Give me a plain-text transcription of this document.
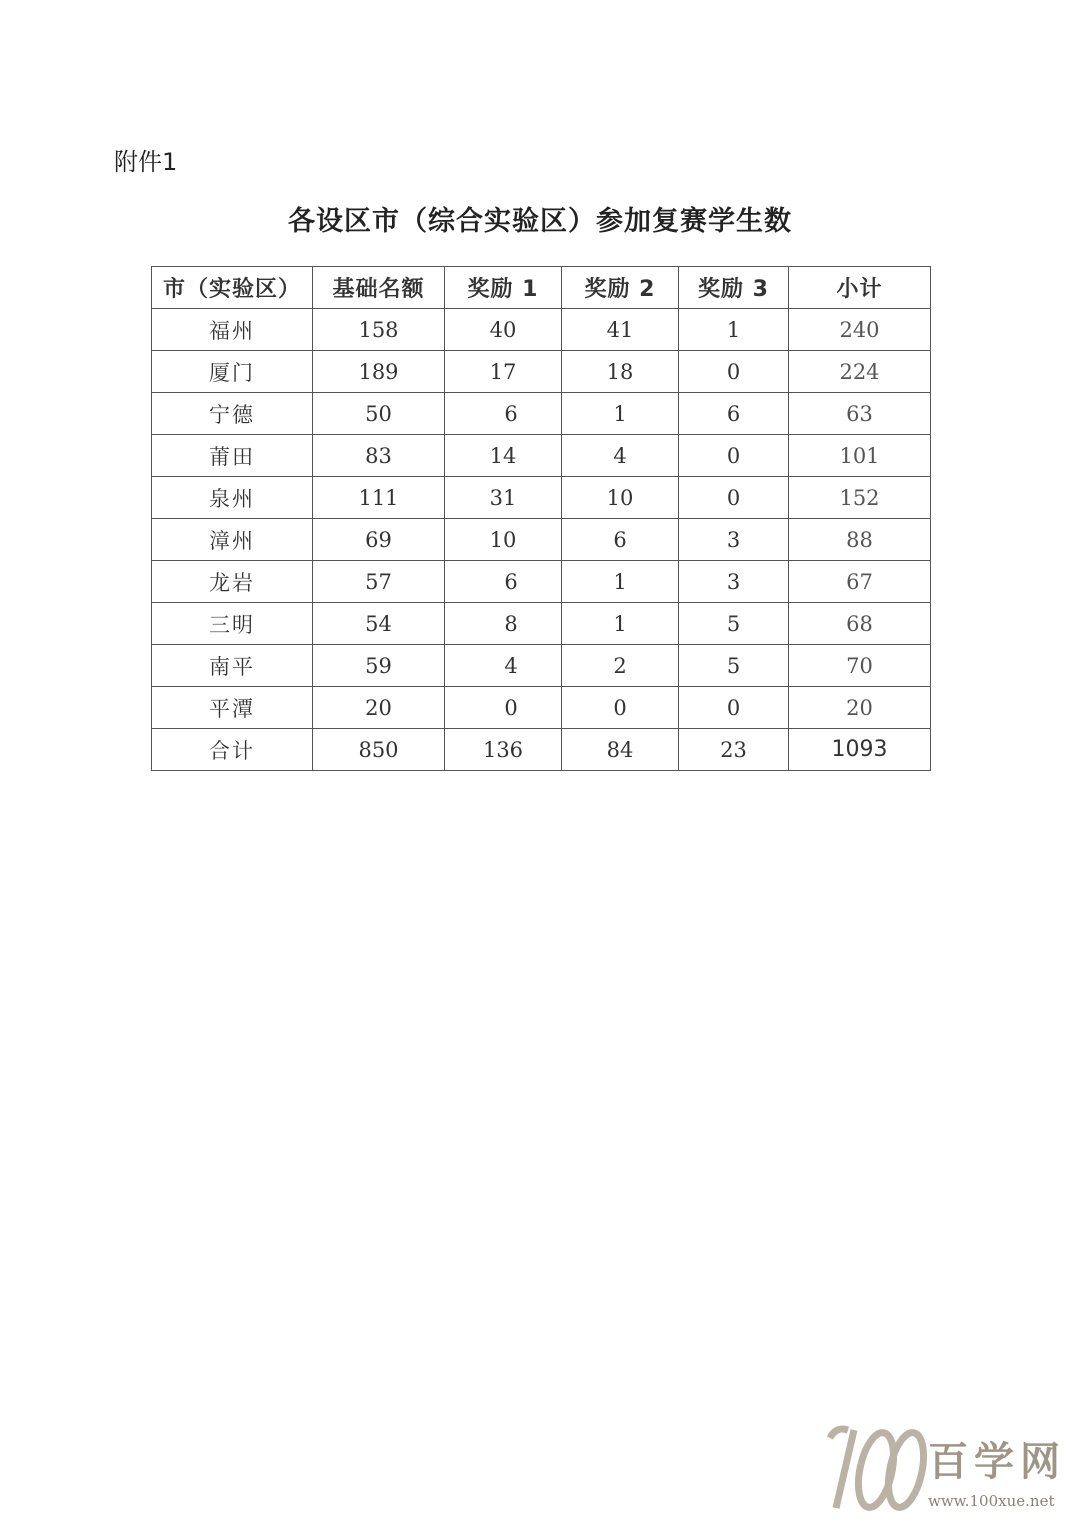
附件1
各设区市（综合实验区）参加复赛学生数
市（实验区）	基础名额	奖励 1	奖励 2	奖励 3	小计
福州	158	40	41	1	240
厦门	189	17	18	0	224
宁德	50	6	1	6	63
莆田	83	14	4	0	101
泉州	111	31	10	0	152
漳州	69	10	6	3	88
龙岩	57	6	1	3	67
三明	54	8	1	5	68
南平	59	4	2	5	70
平潭	20	0	0	0	20
合计	850	136	84	23	1093
百学网
www.100xue.net
